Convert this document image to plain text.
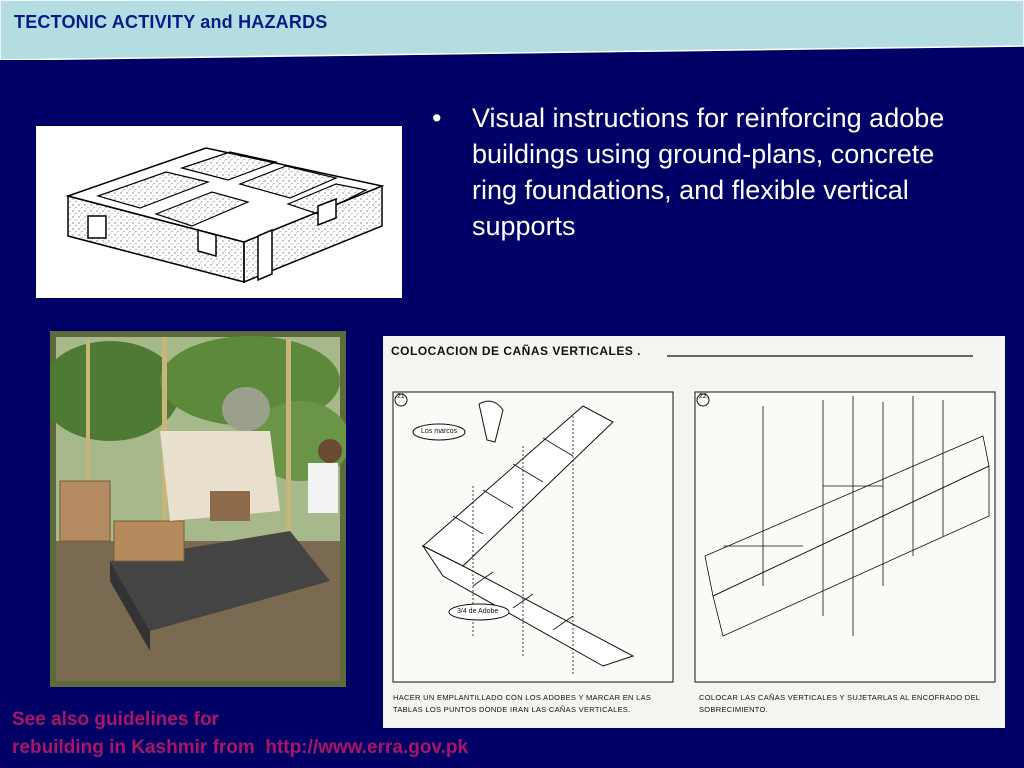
TECTONIC ACTIVITY and HAZARDS
•	Visual instructions for reinforcing adobe buildings using ground-plans, concrete ring foundations, and flexible vertical supports
COLOCACION DE CAÑAS VERTICALES .
21	22
Los marcos
3/4 de Adobe
HACER UN EMPLANTILLADO CON LOS ADOBES Y MARCAR EN LAS TABLAS LOS PUNTOS DONDE IRAN LAS CAÑAS VERTICALES.
COLOCAR LAS CAÑAS VERTICALES Y SUJETARLAS AL ENCOFRADO DEL SOBRECIMIENTO.
See also guidelines for
rebuilding in Kashmir from  http://www.erra.gov.pk
